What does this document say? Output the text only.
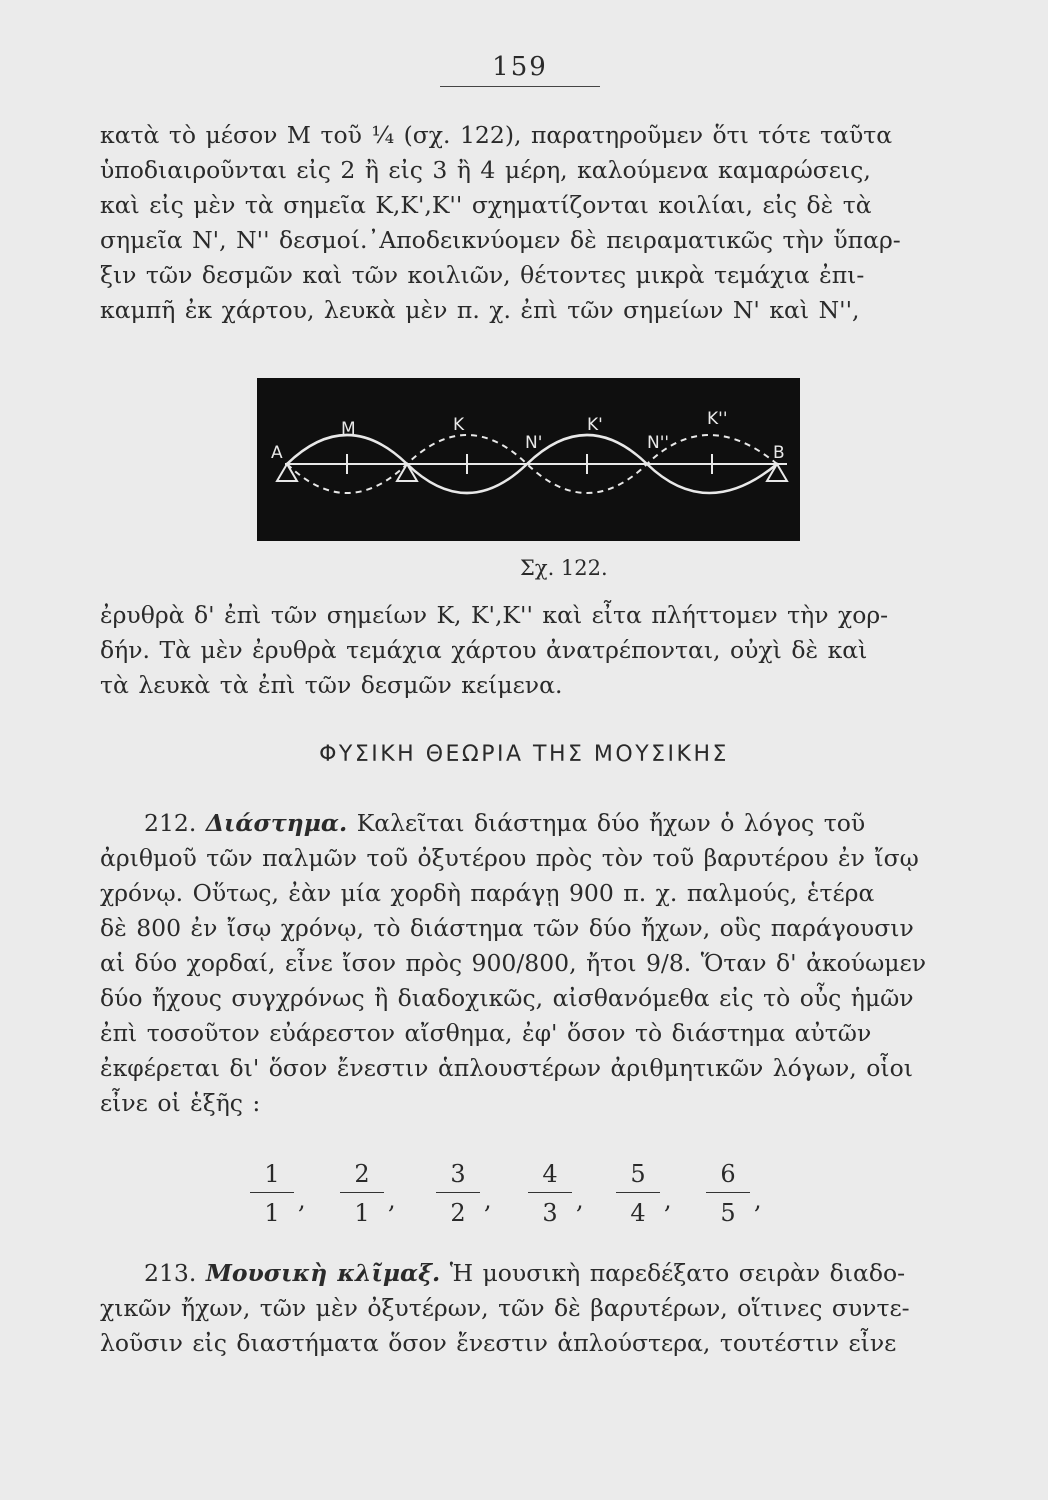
159
κατὰ τὸ μέσον Μ τοῦ ¼ (σχ. 122), παρατηροῦμεν ὅτι τότε ταῦτα
ὑποδιαιροῦνται εἰς 2 ἢ εἰς 3 ἢ 4 μέρη, καλούμενα καμαρώσεις,
καὶ εἰς μὲν τὰ σημεῖα Κ,Κ',Κ'' σχηματίζονται κοιλίαι, εἰς δὲ τὰ
σημεῖα Ν', Ν'' δεσμοί.᾽Αποδεικνύομεν δὲ πειραματικῶς τὴν ὕπαρ-
ξιν τῶν δεσμῶν καὶ τῶν κοιλιῶν, θέτοντες μικρὰ τεμάχια ἐπι-
καμπῆ ἐκ χάρτου, λευκὰ μὲν π. χ. ἐπὶ τῶν σημείων Ν' καὶ Ν'',
Α
Μ	Κ
Ν'
Κ'
Ν''
Κ''
Β
Σχ. 122.
ἐρυθρὰ δ' ἐπὶ τῶν σημείων Κ, Κ',Κ'' καὶ εἶτα πλήττομεν τὴν χορ-
δήν. Τὰ μὲν ἐρυθρὰ τεμάχια χάρτου ἀνατρέπονται, οὐχὶ δὲ καὶ
τὰ λευκὰ τὰ ἐπὶ τῶν δεσμῶν κείμενα.
ΦΥΣΙΚΗ ΘΕΩΡΙΑ ΤΗΣ ΜΟΥΣΙΚΗΣ
212. Διάστημα. Καλεῖται διάστημα δύο ἤχων ὁ λόγος τοῦ
ἀριθμοῦ τῶν παλμῶν τοῦ ὀξυτέρου πρὸς τὸν τοῦ βαρυτέρου ἐν ἴσῳ
χρόνῳ. Οὕτως, ἐὰν μία χορδὴ παράγῃ 900 π. χ. παλμούς, ἑτέρα
δὲ 800 ἐν ἴσῳ χρόνῳ, τὸ διάστημα τῶν δύο ἤχων, οὓς παράγουσιν
αἱ δύο χορδαί, εἶνε ἴσον πρὸς 900/800, ἤτοι 9/8. Ὅταν δ' ἀκούωμεν
δύο ἤχους συγχρόνως ἢ διαδοχικῶς, αἰσθανόμεθα εἰς τὸ οὖς ἡμῶν
ἐπὶ τοσοῦτον εὐάρεστον αἴσθημα, ἐφ' ὅσον τὸ διάστημα αὐτῶν
ἐκφέρεται δι' ὅσον ἔνεστιν ἁπλουστέρων ἀριθμητικῶν λόγων, οἷοι
εἶνε οἱ ἑξῆς :
1
1 ,
2
1 ,
3
2 ,
4
3 ,
5
4 ,
6
5 ,
213. Μουσικὴ κλῖμαξ. Ἡ μουσικὴ παρεδέξατο σειρὰν διαδο-
χικῶν ἤχων, τῶν μὲν ὀξυτέρων, τῶν δὲ βαρυτέρων, οἵτινες συντε-
λοῦσιν εἰς διαστήματα ὅσον ἔνεστιν ἁπλούστερα, τουτέστιν εἶνε
